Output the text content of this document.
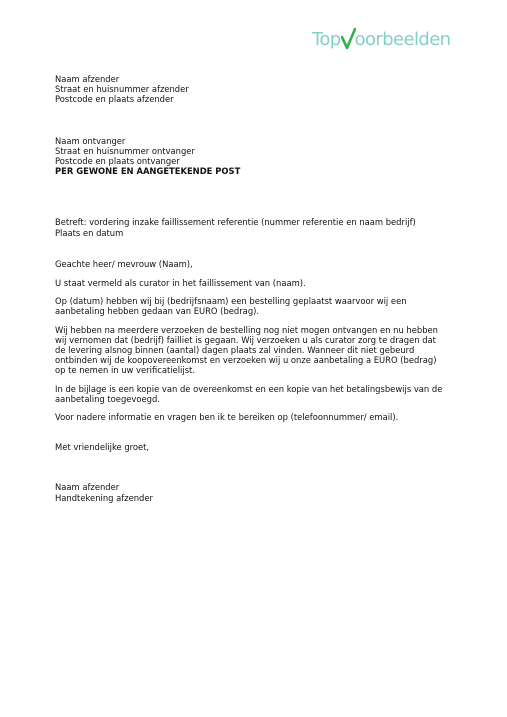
Top oorbeelden
Naam afzender
Straat en huisnummer afzender
Postcode en plaats afzender
Naam ontvanger
Straat en huisnummer ontvanger
Postcode en plaats ontvanger
PER GEWONE EN AANGETEKENDE POST
Betreft: vordering inzake faillissement referentie (nummer referentie en naam bedrijf)
Plaats en datum
Geachte heer/ mevrouw (Naam),

U staat vermeld als curator in het faillissement van (naam).

Op (datum) hebben wij bij (bedrijfsnaam) een bestelling geplaatst waarvoor wij een
aanbetaling hebben gedaan van EURO (bedrag).
Wij hebben na meerdere verzoeken de bestelling nog niet mogen ontvangen en nu hebben
wij vernomen dat (bedrijf) failliet is gegaan. Wij verzoeken u als curator zorg te dragen dat
de levering alsnog binnen (aantal) dagen plaats zal vinden. Wanneer dit niet gebeurd
ontbinden wij de koopovereenkomst en verzoeken wij u onze aanbetaling a EURO (bedrag)
op te nemen in uw verificatielijst.
In de bijlage is een kopie van de overeenkomst en een kopie van het betalingsbewijs van de
aanbetaling toegevoegd.

Voor nadere informatie en vragen ben ik te bereiken op (telefoonnummer/ email).

Met vriendelijke groet,
Naam afzender
Handtekening afzender
